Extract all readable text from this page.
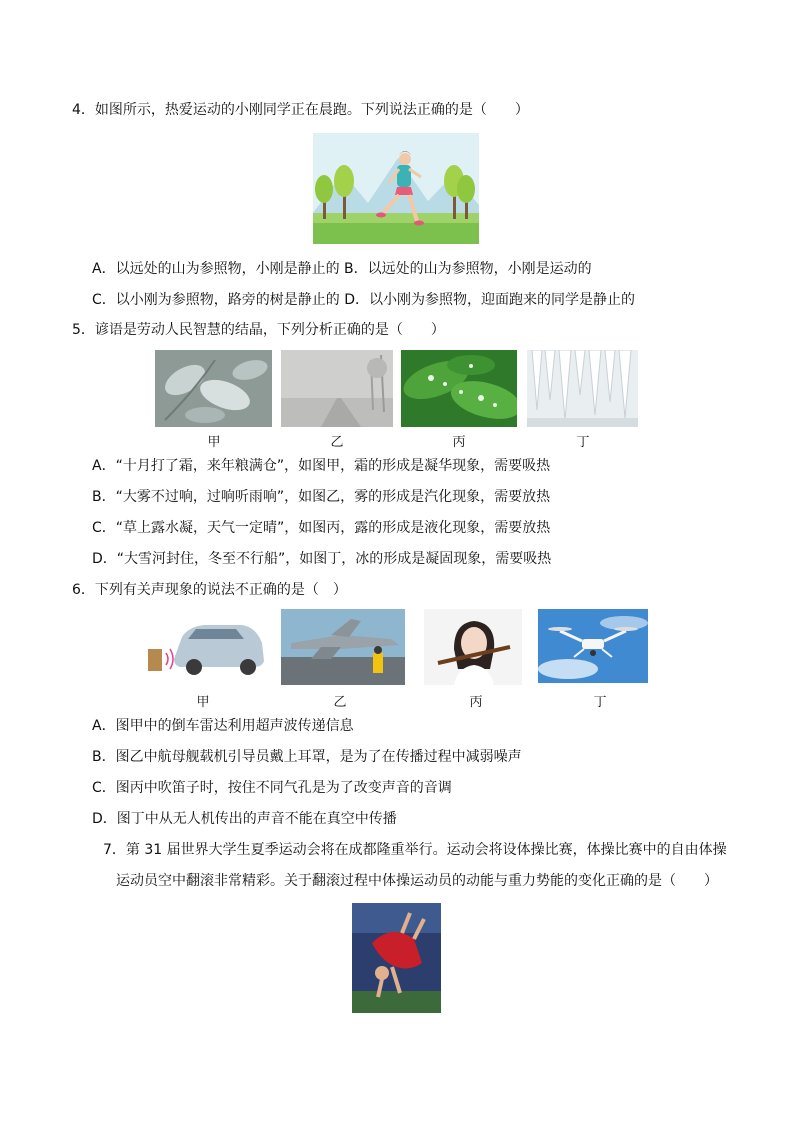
4．如图所示，热爱运动的小刚同学正在晨跑。下列说法正确的是（　　）
A．以远处的山为参照物，小刚是静止的 B．以远处的山为参照物，小刚是运动的
C．以小刚为参照物，路旁的树是静止的 D．以小刚为参照物，迎面跑来的同学是静止的
5．谚语是劳动人民智慧的结晶，下列分析正确的是（　　）
甲	乙	丙	丁
A．“十月打了霜，来年粮满仓”，如图甲，霜的形成是凝华现象，需要吸热
B．“大雾不过响，过响听雨响”，如图乙，雾的形成是汽化现象，需要放热
C．“草上露水凝，天气一定晴”，如图丙，露的形成是液化现象，需要放热
D．“大雪河封住，冬至不行船”，如图丁，冰的形成是凝固现象，需要吸热
6．下列有关声现象的说法不正确的是（　）
甲	乙	丙	丁
A．图甲中的倒车雷达利用超声波传递信息
B．图乙中航母舰载机引导员戴上耳罩，是为了在传播过程中减弱噪声
C．图丙中吹笛子时，按住不同气孔是为了改变声音的音调
D．图丁中从无人机传出的声音不能在真空中传播
7．第 31 届世界大学生夏季运动会将在成都隆重举行。运动会将设体操比赛，体操比赛中的自由体操
运动员空中翻滚非常精彩。关于翻滚过程中体操运动员的动能与重力势能的变化正确的是（　　）
